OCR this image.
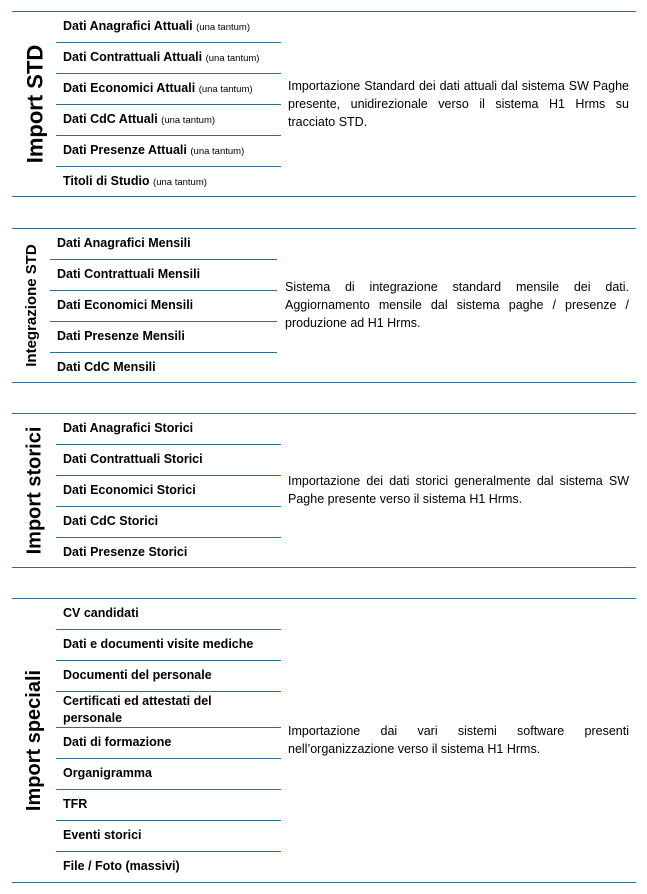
Import STD
Dati Anagrafici Attuali (una tantum)
Dati Contrattuali Attuali (una tantum)
Dati Economici Attuali (una tantum)
Dati CdC Attuali (una tantum)
Dati Presenze Attuali (una tantum)
Titoli di Studio (una tantum)
Importazione Standard dei dati attuali dal sistema SW Paghe presente, unidirezionale verso il sistema H1 Hrms su tracciato STD.
Integrazione STD
Dati Anagrafici Mensili
Dati Contrattuali Mensili
Dati Economici Mensili
Dati Presenze Mensili
Dati CdC Mensili
Sistema di integrazione standard mensile dei dati. Aggiornamento mensile dal sistema paghe / presenze / produzione ad H1 Hrms.
Import storici Dati Anagrafici Storici
Dati Contrattuali Storici
Dati Economici Storici
Dati CdC Storici
Dati Presenze Storici
Importazione dei dati storici generalmente dal sistema SW Paghe presente verso il sistema H1 Hrms.
Import speciali
CV candidati
Dati e documenti visite mediche
Documenti del personale
Certificati ed attestati del personale
Dati di formazione
Organigramma
TFR
Eventi storici
File / Foto (massivi)
Importazione dai vari sistemi software presenti nell’organizzazione verso il sistema H1 Hrms.
